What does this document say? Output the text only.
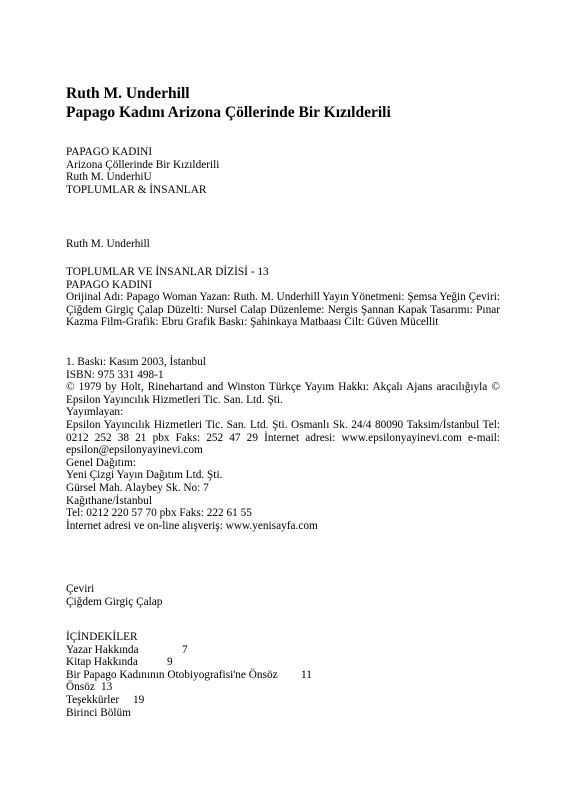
Ruth M. Underhill
Papago Kadını Arizona Çöllerinde Bir Kızılderili
PAPAGO KADINI
Arizona Çöllerinde Bir Kızılderili
Ruth M. UnderhiU
TOPLUMLAR & İNSANLAR
Ruth M. Underhill
TOPLUMLAR VE İNSANLAR DİZİSİ - 13
PAPAGO KADINI
Orijinal Adı: Papago Woman Yazan: Ruth. M. Underhill Yayın Yönetmeni: Şemsa Yeğin Çeviri: Çiğdem Girgiç Çalap Düzelti: Nursel Calap Düzenleme: Nergis Şannan Kapak Tasarımı: Pınar Kazma Film-Grafik: Ebru Grafik Baskı: Şahinkaya Matbaası Cilt: Güven Mücellit
1. Baskı: Kasım 2003, İstanbul
ISBN: 975 331 498-1
© 1979 by Holt, Rinehartand and Winston Türkçe Yayım Hakkı: Akçalı Ajans aracılığıyla © Epsilon Yayıncılık Hizmetleri Tic. San. Ltd. Şti.
Yayımlayan:
Epsilon Yayıncılık Hizmetleri Tic. San. Ltd. Şti. Osmanlı Sk. 24/4 80090 Taksim/İstanbul Tel: 0212 252 38 21 pbx Faks: 252 47 29 İnternet adresi: www.epsilonyayinevi.com e-mail: epsilon@epsilonyayinevi.com
Genel Dağıtım:
Yeni Çizgi Yayın Dağıtım Ltd. Şti.
Gürsel Mah. Alaybey Sk. No: 7
Kağıthane/İstanbul
Tel: 0212 220 57 70 pbx Faks: 222 61 55
İnternet adresi ve on-line alışveriş: www.yenisayfa.com
Çeviri
Çiğdem Girgiç Çalap
İÇİNDEKİLER
Yazar Hakkında	7
Kitap Hakkında	9
Bir Papago Kadınının Otobiyografisi'ne Önsöz 11
Önsöz 13
Teşekkürler 19
Birinci Bölüm
